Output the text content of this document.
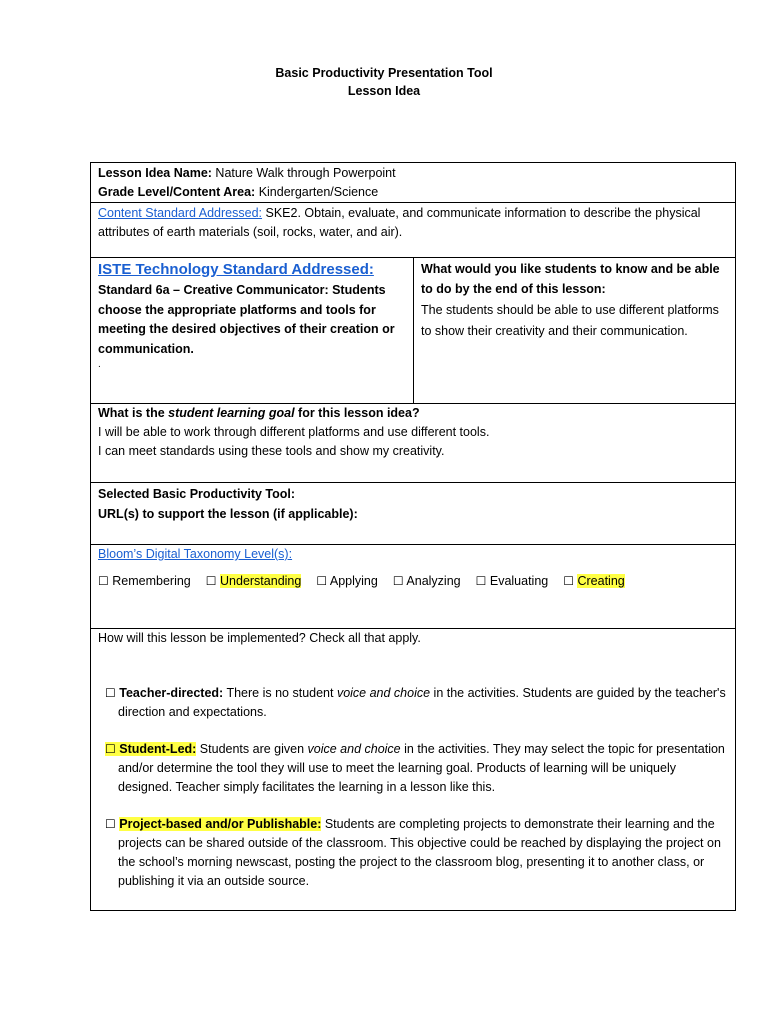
Basic Productivity Presentation Tool
Lesson Idea
Lesson Idea Name: Nature Walk through Powerpoint
Grade Level/Content Area: Kindergarten/Science
Content Standard Addressed: SKE2. Obtain, evaluate, and communicate information to describe the physical
attributes of earth materials (soil, rocks, water, and air).
ISTE Technology Standard Addressed:
Standard 6a – Creative Communicator: Students choose the appropriate platforms and tools for meeting the desired objectives of their creation or communication.
.
What would you like students to know and be able to do by the end of this lesson:
The students should be able to use different platforms to show their creativity and their communication.
What is the student learning goal for this lesson idea?
I will be able to work through different platforms and use different tools.
I can meet standards using these tools and show my creativity.
Selected Basic Productivity Tool:
URL(s) to support the lesson (if applicable):
Bloom’s Digital Taxonomy Level(s):
☐ Remembering ☐ Understanding ☐ Applying ☐ Analyzing ☐ Evaluating ☐ Creating
How will this lesson be implemented? Check all that apply.
☐ Teacher-directed: There is no student voice and choice in the activities. Students are guided by the teacher's direction and expectations.
☐ Student-Led: Students are given voice and choice in the activities. They may select the topic for presentation and/or determine the tool they will use to meet the learning goal. Products of learning will be uniquely designed. Teacher simply facilitates the learning in a lesson like this.
☐ Project-based and/or Publishable: Students are completing projects to demonstrate their learning and the projects can be shared outside of the classroom. This objective could be reached by displaying the project on the school’s morning newscast, posting the project to the classroom blog, presenting it to another class, or publishing it via an outside source.
